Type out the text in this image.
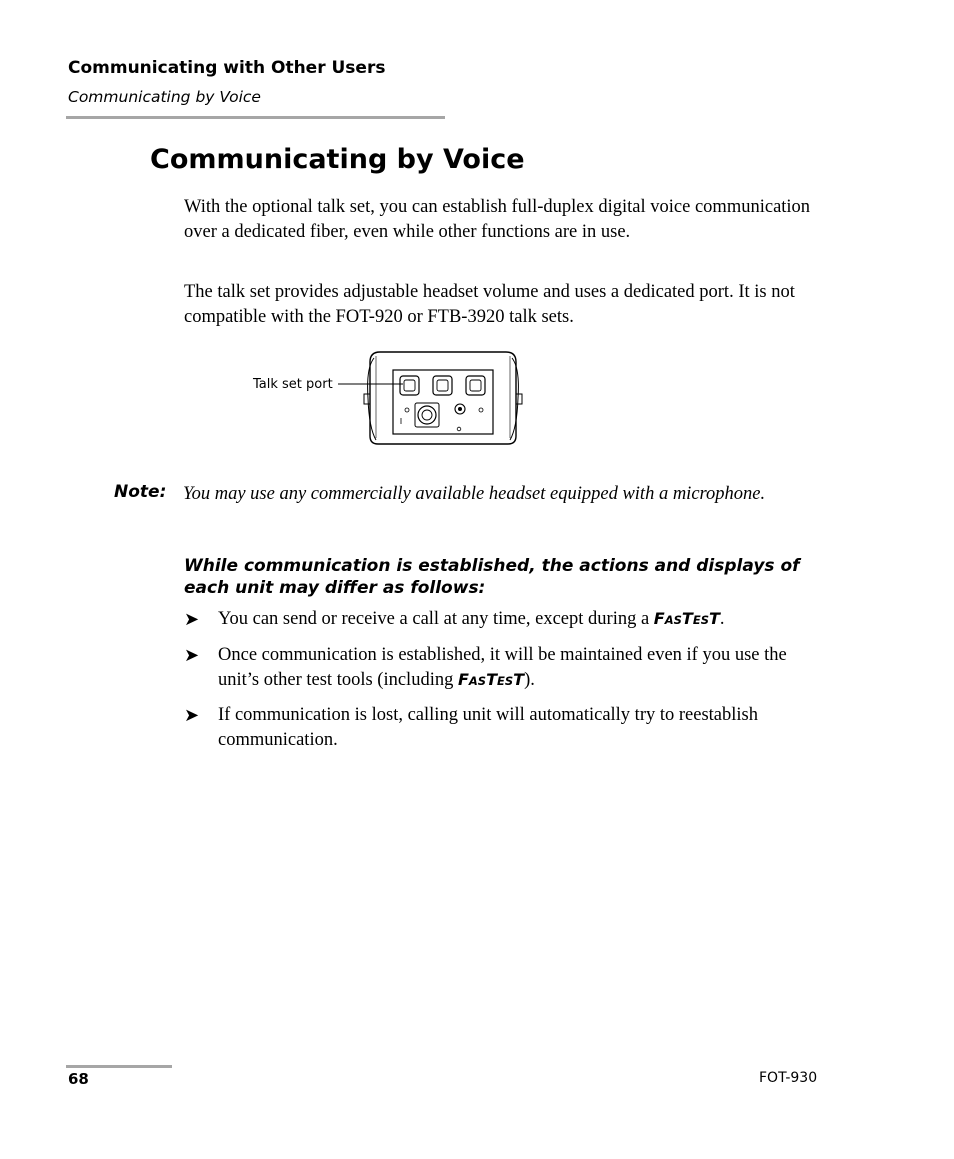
Communicating with Other Users
Communicating by Voice
Communicating by Voice

With the optional talk set, you can establish full-duplex digital voice communication over a dedicated fiber, even while other functions are in use.

The talk set provides adjustable headset volume and uses a dedicated port. It is not compatible with the FOT-920 or FTB-3920 talk sets.

Talk set port
Note: You may use any commercially available headset equipped with a microphone.
While communication is established, the actions and displays of each unit may differ as follows:
➤ You can send or receive a call at any time, except during a FASTEST.
➤ Once communication is established, it will be maintained even if you use the unit’s other test tools (including FASTEST).
➤ If communication is lost, calling unit will automatically try to reestablish communication.
68	FOT-930
